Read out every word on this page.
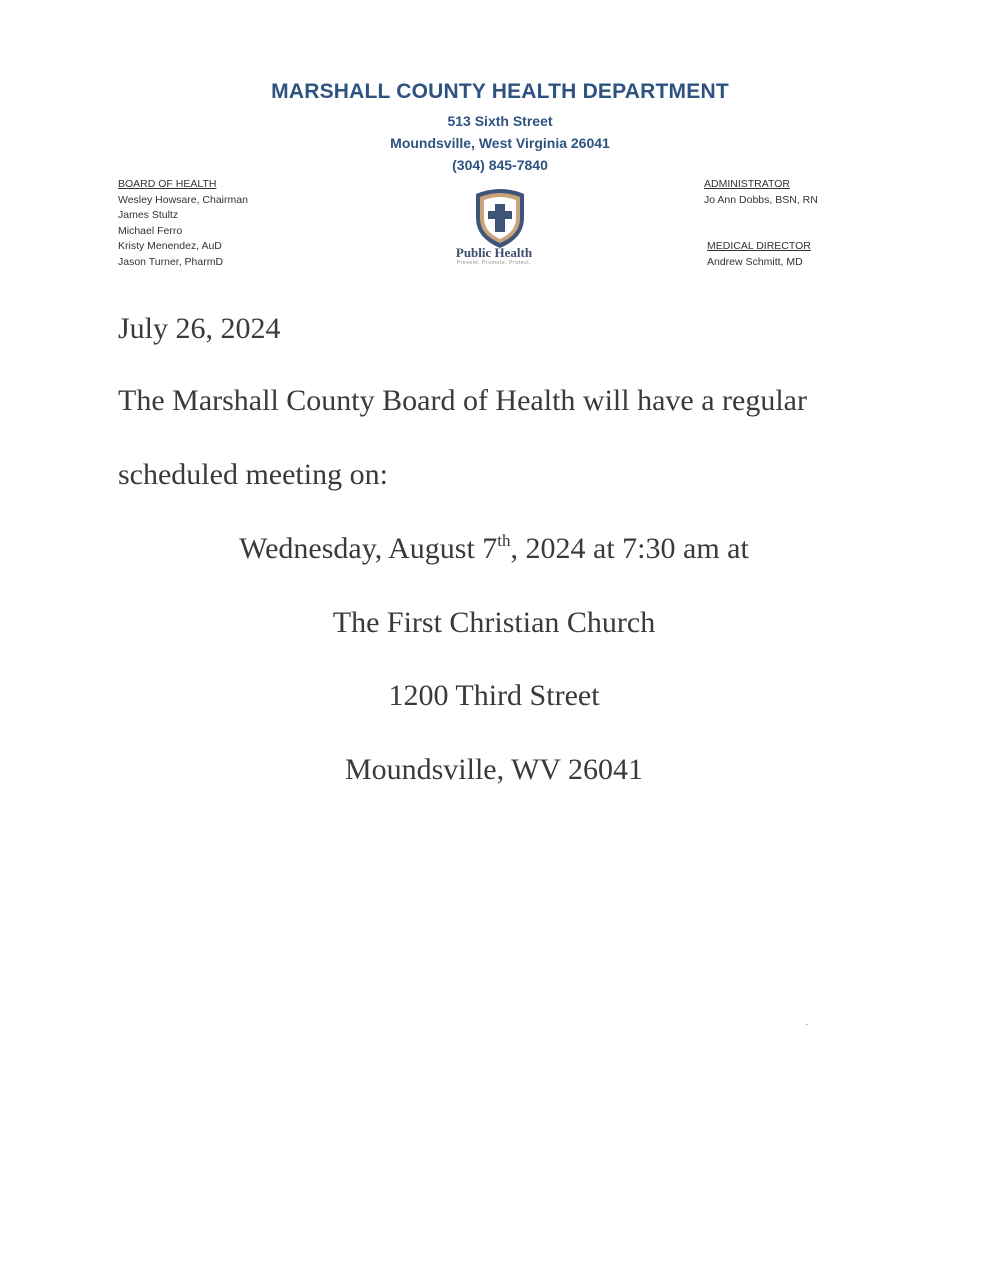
MARSHALL COUNTY HEALTH DEPARTMENT
513 Sixth Street
Moundsville, West Virginia 26041
(304) 845-7840
BOARD OF HEALTH
Wesley Howsare, Chairman
James Stultz
Michael Ferro
Kristy Menendez, AuD
Jason Turner, PharmD
Public Health
Prevent. Promote. Protect.
ADMINISTRATOR
Jo Ann Dobbs, BSN, RN
MEDICAL DIRECTOR
Andrew Schmitt, MD
July 26, 2024
The Marshall County Board of Health will have a regular
scheduled meeting on:
Wednesday, August 7th, 2024 at 7:30 am at
The First Christian Church
1200 Third Street
Moundsville, WV 26041
